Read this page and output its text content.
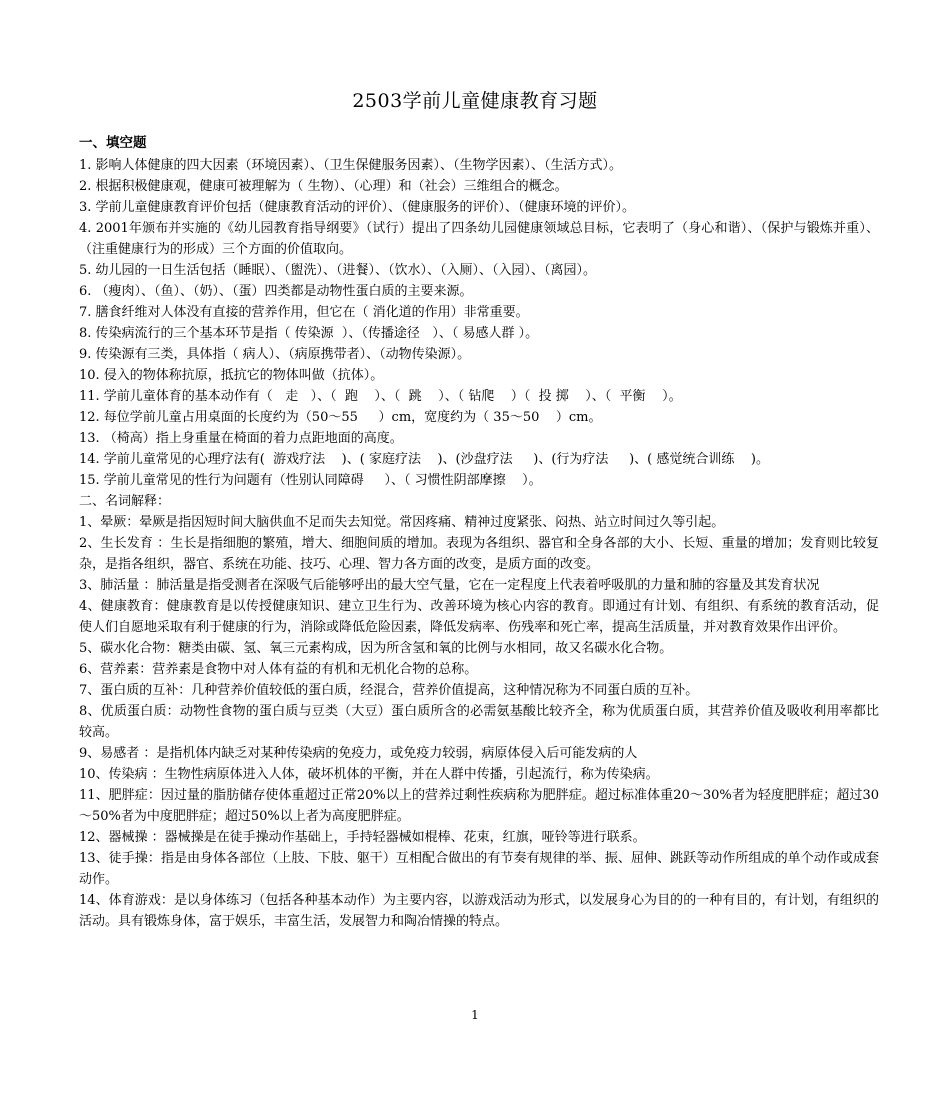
2503学前儿童健康教育习题
一、填空题

1. 影响人体健康的四大因素（环境因素）、（卫生保健服务因素）、（生物学因素）、（生活方式）。

2. 根据积极健康观，健康可被理解为（ 生物）、（心理）和（社会）三维组合的概念。

3. 学前儿童健康教育评价包括（健康教育活动的评价）、（健康服务的评价）、（健康环境的评价）。

4. 2001年颁布并实施的《幼儿园教育指导纲要》（试行）提出了四条幼儿园健康领域总目标，它表明了（身心和谐）、（保护与锻炼并重）、（注重健康行为的形成）三个方面的价值取向。

5. 幼儿园的一日生活包括（睡眠）、（盥洗）、（进餐）、（饮水）、（入厕）、（入园）、（离园）。

6. （瘦肉）、（鱼）、（奶）、（蛋）四类都是动物性蛋白质的主要来源。

7. 膳食纤维对人体没有直接的营养作用，但它在（ 消化道的作用）非常重要。

8. 传染病流行的三个基本环节是指（ 传染源  ）、（传播途径   ）、（ 易感人群 ）。

9. 传染源有三类，具体指（ 病人）、（病原携带者）、（动物传染源）。

10. 侵入的物体称抗原，抵抗它的物体叫做（抗体）。

11. 学前儿童体育的基本动作有（   走   ）、（  跑    ）、（  跳    ）、（ 钻爬    ）（  投 掷    ）、（  平衡    ）。

12. 每位学前儿童占用桌面的长度约为（50～55     ）cm，宽度约为（ 35～50    ）cm。

13. （椅高）指上身重量在椅面的着力点距地面的高度。

14. 学前儿童常见的心理疗法有(  游戏疗法    )、( 家庭疗法    )、(沙盘疗法     )、(行为疗法     )、( 感觉统合训练    )。

15. 学前儿童常见的性行为问题有（性别认同障碍     ）、（ 习惯性阴部摩擦    ）。

二、名词解释：

1、晕厥：晕厥是指因短时间大脑供血不足而失去知觉。常因疼痛、精神过度紧张、闷热、站立时间过久等引起。

2、生长发育 ：生长是指细胞的繁殖，增大、细胞间质的增加。表现为各组织、器官和全身各部的大小、长短、重量的增加；发育则比较复杂，是指各组织，器官、系统在功能、技巧、心理、智力各方面的改变，是质方面的改变。

3、肺活量 ：肺活量是指受测者在深吸气后能够呼出的最大空气量，它在一定程度上代表着呼吸肌的力量和肺的容量及其发育状况

4、健康教育：健康教育是以传授健康知识、建立卫生行为、改善环境为核心内容的教育。即通过有计划、有组织、有系统的教育活动，促使人们自愿地采取有利于健康的行为，消除或降低危险因素，降低发病率、伤残率和死亡率，提高生活质量，并对教育效果作出评价。

5、碳水化合物：糖类由碳、氢、氧三元素构成，因为所含氢和氧的比例与水相同，故又名碳水化合物。

6、营养素：营养素是食物中对人体有益的有机和无机化合物的总称。

7、蛋白质的互补：几种营养价值较低的蛋白质，经混合，营养价值提高，这种情况称为不同蛋白质的互补。

8、优质蛋白质：动物性食物的蛋白质与豆类（大豆）蛋白质所含的必需氨基酸比较齐全，称为优质蛋白质，其营养价值及吸收利用率都比较高。

9、易感者 ：是指机体内缺乏对某种传染病的免疫力，或免疫力较弱，病原体侵入后可能发病的人

10、传染病 ：生物性病原体进入人体，破坏机体的平衡，并在人群中传播，引起流行，称为传染病。

11、肥胖症：因过量的脂肪储存使体重超过正常20%以上的营养过剩性疾病称为肥胖症。超过标准体重20～30%者为轻度肥胖症；超过30～50%者为中度肥胖症；超过50%以上者为高度肥胖症。

12、器械操 ：器械操是在徒手操动作基础上，手持轻器械如棍棒、花束，红旗，哑铃等进行联系。

13、徒手操：指是由身体各部位（上肢、下肢、躯干）互相配合做出的有节奏有规律的举、振、屈伸、跳跃等动作所组成的单个动作或成套动作。

14、体育游戏：是以身体练习（包括各种基本动作）为主要内容，以游戏活动为形式，以发展身心为目的的一种有目的，有计划，有组织的活动。具有锻炼身体，富于娱乐，丰富生活，发展智力和陶冶情操的特点。

1
